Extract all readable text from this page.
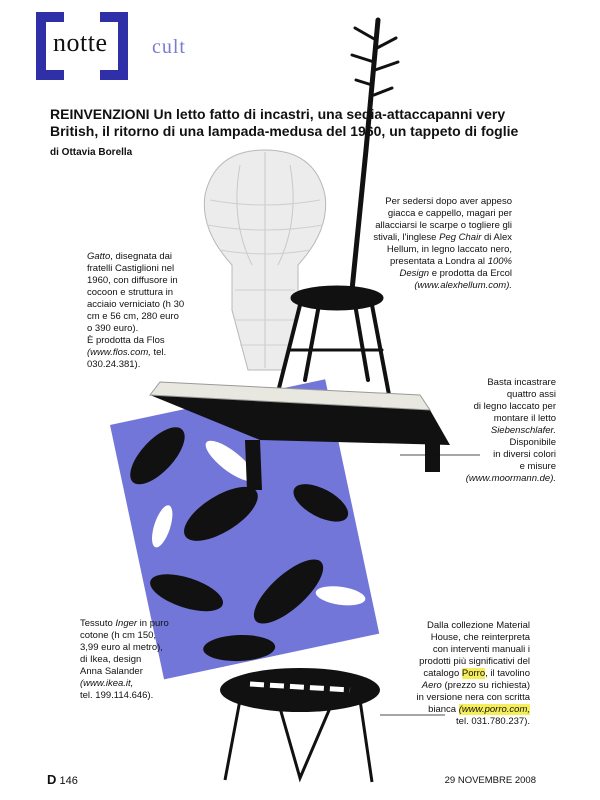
notte cult
REINVENZIONI Un letto fatto di incastri, una sedia-attaccapanni very British, il ritorno di una lampada-medusa del 1960, un tappeto di foglie di Ottavia Borella
Per sedersi dopo aver appeso
giacca e cappello, magari per
allacciarsi le scarpe o togliere gli
stivali, l'inglese Peg Chair di Alex
Hellum, in legno laccato nero,
presentata a Londra al 100%
Design e prodotta da Ercol
(www.alexhellum.com).
Gatto, disegnata dai
fratelli Castiglioni nel
1960, con diffusore in
cocoon e struttura in
acciaio verniciato (h 30
cm e 56 cm, 280 euro
o 390 euro).
È prodotta da Flos
(www.flos.com, tel.
030.24.381).
Basta incastrare
quattro assi
di legno laccato per
montare il letto
Siebenschlafer.
Disponibile
in diversi colori
e misure
(www.moormann.de).
Tessuto Inger in puro
cotone (h cm 150,
3,99 euro al metro),
di Ikea, design
Anna Salander
(www.ikea.it,
tel. 199.114.646).
Dalla collezione Material
House, che reinterpreta
con interventi manuali i
prodotti più significativi del
catalogo Porro, il tavolino
Aero (prezzo su richiesta)
in versione nera con scritta
bianca (www.porro.com,
tel. 031.780.237).
D 146	29 NOVEMBRE 2008
